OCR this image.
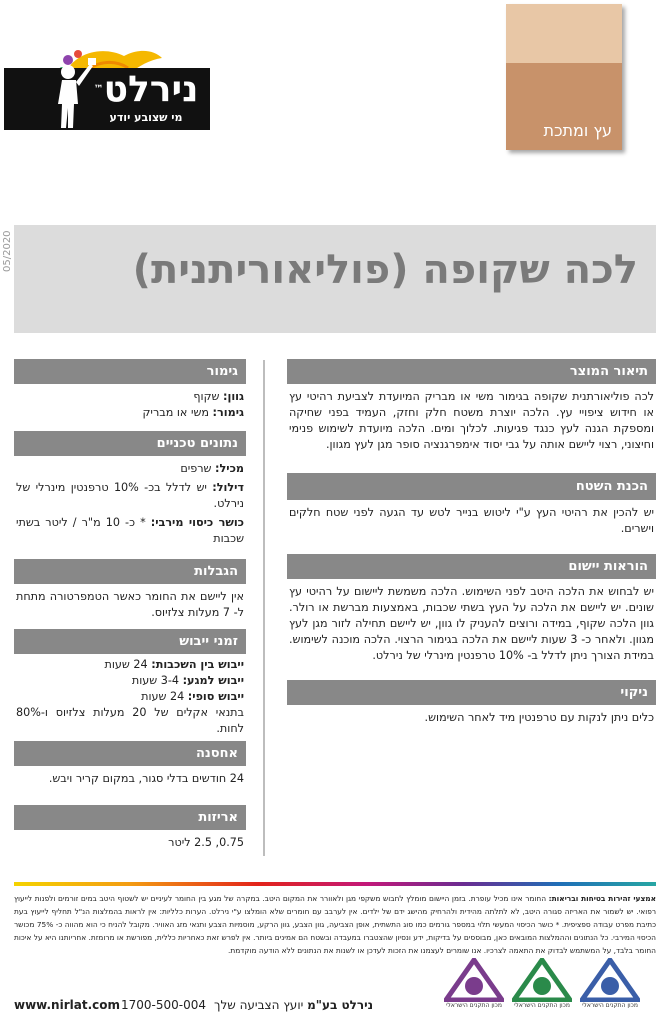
נירלט™
מי שצובע יודע
עץ ומתכת
05/2020	לכה שקופה (פוליאוריתנית)
תיאור המוצר
לכה פוליאורתנית שקופה בגימור משי או מבריק המיועדת לצביעת רהיטי עץ או חידוש ציפויי עץ. הלכה יוצרת משטח חלק וחזק, העמיד בפני שחיקה ומספקת הגנה לעץ כנגד פגיעות. לכלוך ומים. הלכה מיועדת לשימוש פנימי וחיצוני, רצוי ליישם אותה על גבי יסוד אימפרגנציה סופר מגן לעץ מגוון.
הכנת השטח
יש להכין את רהיטי העץ ע"י ליטוש בנייר לטש עד הגעה לפני שטח חלקים וישרים.
הוראות יישום
יש לבחוש את הלכה היטב לפני השימוש. הלכה משמשת ליישום על רהיטי עץ שונים. יש ליישם את הלכה על העץ בשתי שכבות, באמצעות מברשת או רולר. גוון הלכה שקוף, במידה ורוצים להעניק לו גוון, יש ליישם תחילה לזור מגן לעץ מגוון. ולאחר כ- 3 שעות ליישם את הלכה בגימור הרצוי. הלכה מוכנה לשימוש. במידת הצורך ניתן לדלל ב- 10% טרפנטין מינרלי של נירלט.
ניקוי
כלים ניתן לנקות עם טרפנטין מיד לאחר השימוש.
גימור
גוון: שקוף
גימור: משי או מבריק
נתונים טכניים
מכיל: שרפים
דילול: יש לדלל בכ- 10% טרפנטין מינרלי של נירלט.
כושר כיסוי מירבי: * כ- 10 מ"ר / ליטר בשתי שכבות
הגבלות
אין ליישם את החומר כאשר הטמפרטורה מתחת ל- 7 מעלות צלזיוס.
זמני ייבוש
ייבוש בין השכבות: 24 שעות
ייבוש למגע: 3-4 שעות
ייבוש סופי: 24 שעות
בתנאי אקלים של 20 מעלות צלזיוס ו-80% לחות.
אחסנה
24 חודשים בדלי סגור, במקום קריר ויבש.
אריזות
0.75, 2.5 ליטר
אמצעי זהירות בטיחות ובריאות: החומר אינו מכיל עופרת. בזמן היישום מומלץ לחבוש משקפי מגן ולאוורר את המקום היטב. במקרה של מגע בין החומר לעיניים יש לשטוף היטב במים זורמים ולפנות לייעוץ רפואי. יש לשמור את האריזה סגורה היטב, לא לתלתה מהידית ולהרחיק מהישג ידם של ילדים. אין לערבב עם חומרים שלא הומלצו ע"י נירלט. הערות כלליות: אין לראות בהמלצות הנ"ל תחליף לייעוץ בעת כתיבת מפרט עבודה ספציפית. * כושר הכיסוי המעשי תלוי במספר גורמים כמו סוג התשתית, אופן הצביעה, גוון הצבע, גוון הרקע, מוסמיות הצבע ותנאי מזג האוויר. מקובל להניח כי הוא מהווה כ- 75% מכושר הכיסוי המירבי. כל הנתונים וההמלצות המובאים כאן, מבוססים על בדיקות, ידע ונסיון שהצטברו במעבדה ובשטח הם אמינים ביותר. אין לפרש זאת כאחריות כללית, מפורשת או מרומזת. אחריותנו היא על איכות החומר בלבד, על המשתמש לבדוק את התאמה לצרכיו. אנו שומרים לעצמנו את הזכות לעדכן או לשנות את הנתונים ללא הודעה מוקדמת.
מכון התקנים הישראלי
מכון התקנים הישראלי
מכון התקנים הישראלי
www.nirlat.com 1700-500-004	נירלט בע"מ יועץ הצביעה שלך
